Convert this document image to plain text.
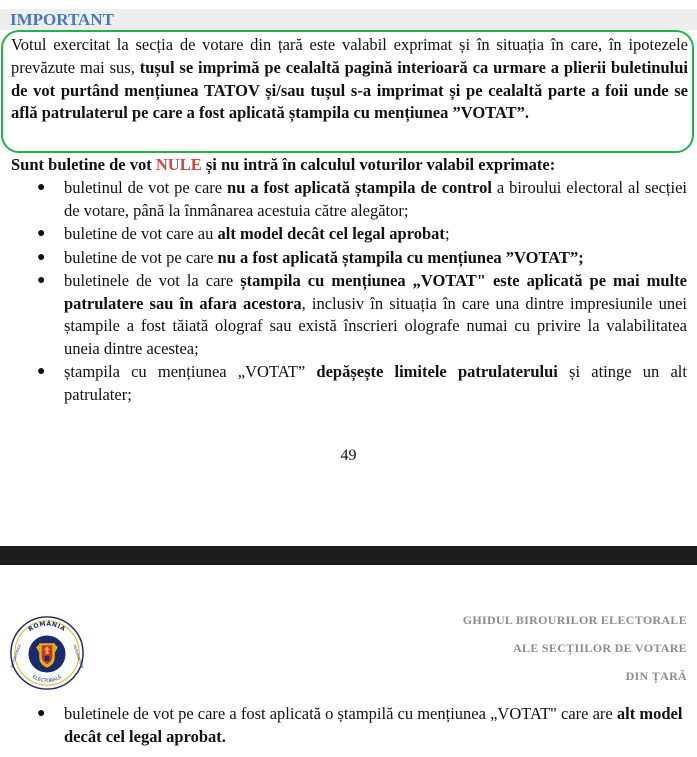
IMPORTANT
Votul exercitat la secția de votare din țară este valabil exprimat și în situația în care, în ipotezele prevăzute mai sus, tușul se imprimă pe cealaltă pagină interioară ca urmare a plierii buletinului de vot purtând mențiunea TATOV și/sau tușul s-a imprimat și pe cealaltă parte a foii unde se află patrulaterul pe care a fost aplicată ștampila cu mențiunea ”VOTAT”.
Sunt buletine de vot NULE și nu intră în calculul voturilor valabil exprimate:
● buletinul de vot pe care nu a fost aplicată ștampila de control a biroului electoral al secției de votare, până la înmânarea acestuia către alegător;
● buletine de vot care au alt model decât cel legal aprobat;
● buletine de vot pe care nu a fost aplicată ștampila cu mențiunea ”VOTAT”;
● buletinele de vot la care ștampila cu mențiunea „VOTAT" este aplicată pe mai multe patrulatere sau în afara acestora, inclusiv în situația în care una dintre impresiunile unei ștampile a fost tăiată olograf sau există înscrieri olografe numai cu privire la valabilitatea uneia dintre acestea;
● ștampila cu mențiunea „VOTAT” depășește limitele patrulaterului și atinge un alt patrulater;
49
ROMÂNIA
ELECTORALĂ
AUTORITATEA	PERMANENTĂ
GHIDUL BIROURILOR ELECTORALE
ALE SECȚIILOR DE VOTARE
DIN ȚARĂ
● buletinele de vot pe care a fost aplicată o ștampilă cu mențiunea „VOTAT" care are alt model decât cel legal aprobat.
